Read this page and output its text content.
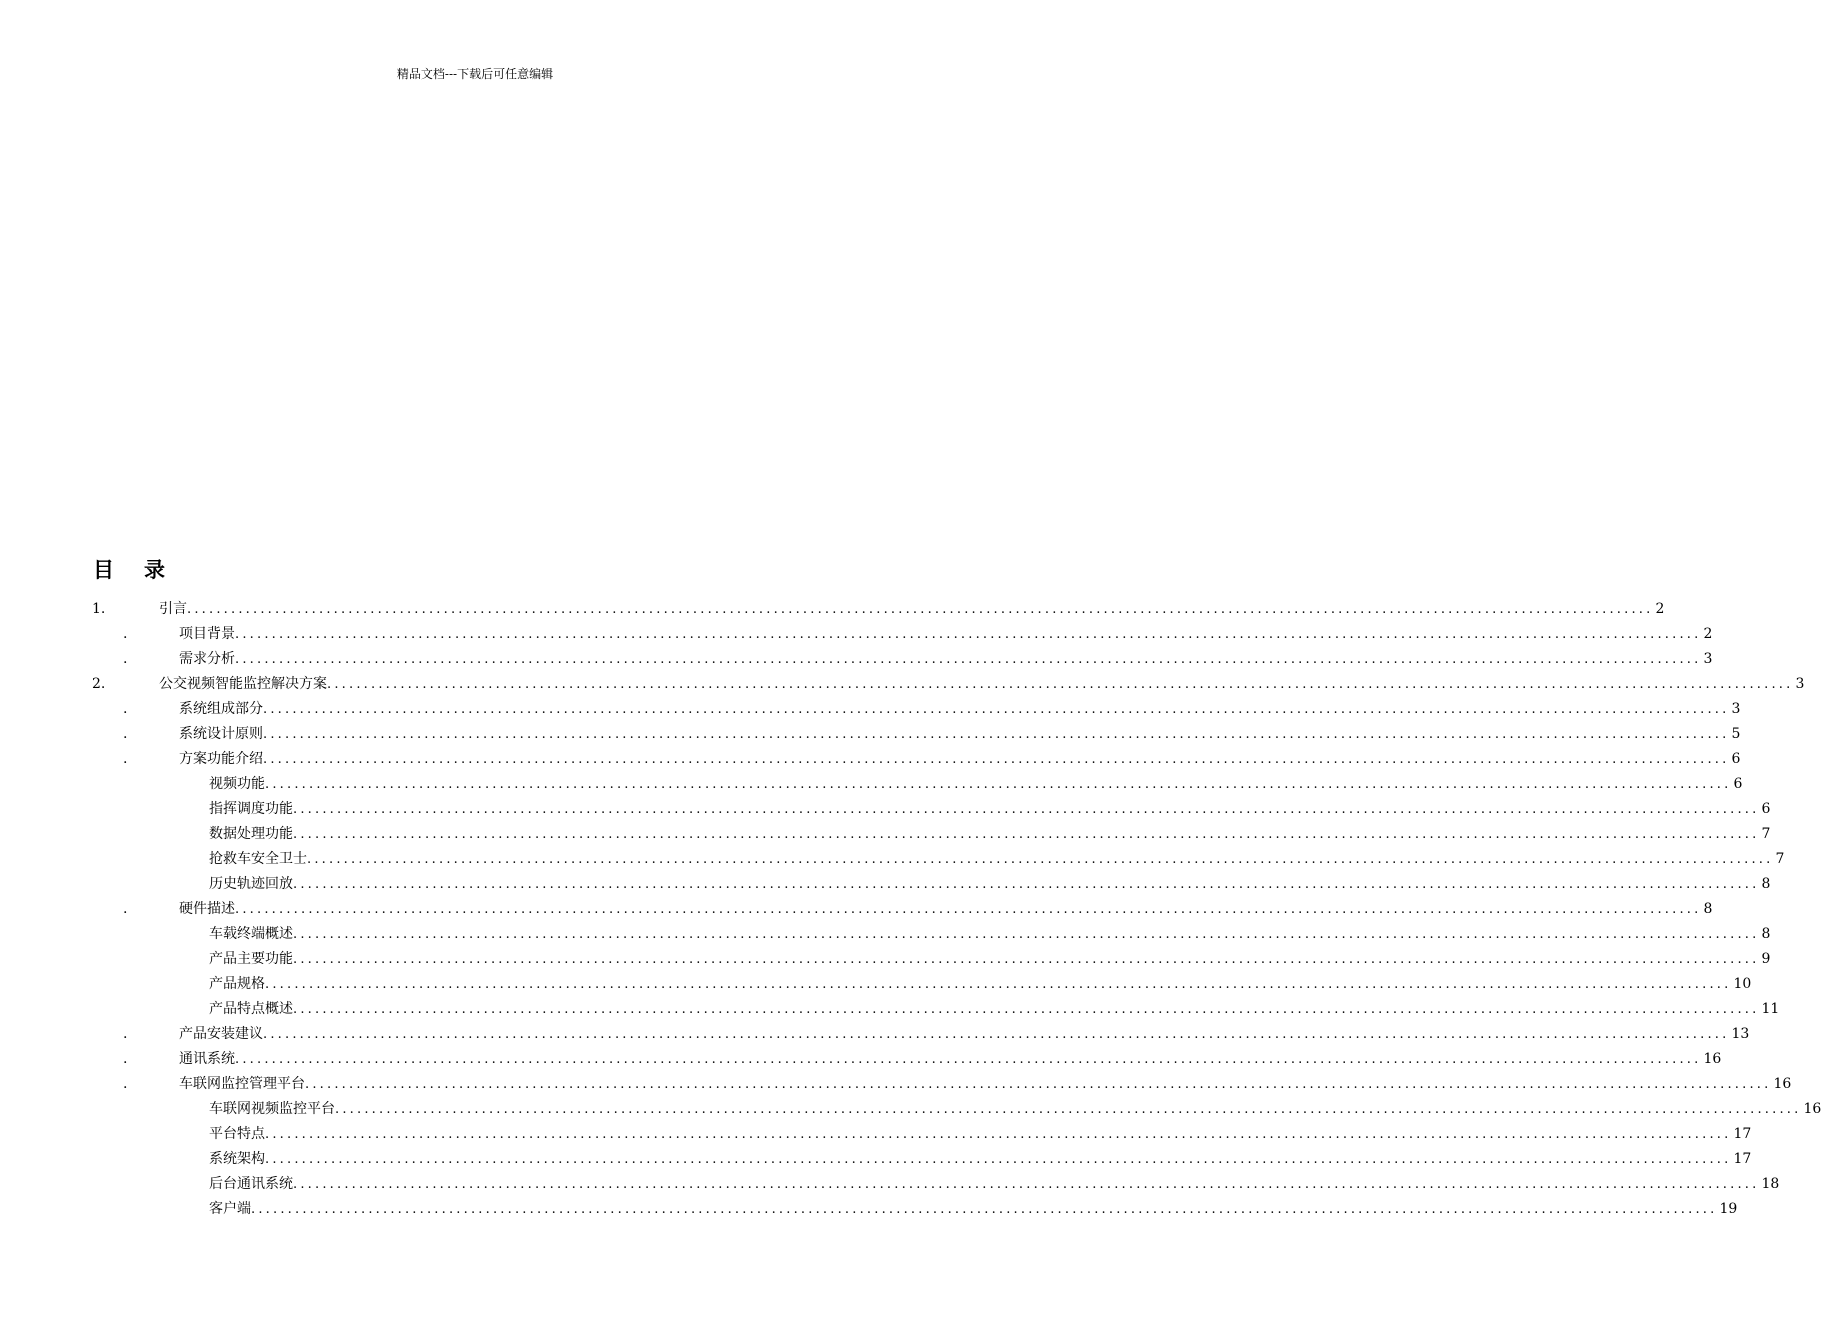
精品文档---下载后可任意编辑
目录
1.	引言 ........................................................................................................................................................................................................ 2
.	项目背景 ........................................................................................................................................................................................................ 2
.	需求分析 ........................................................................................................................................................................................................ 3
2.	公交视频智能监控解决方案 ........................................................................................................................................................................................................ 3
.	系统组成部分 ........................................................................................................................................................................................................ 3
.	系统设计原则 ........................................................................................................................................................................................................ 5
.	方案功能介绍 ........................................................................................................................................................................................................ 6
视频功能 ........................................................................................................................................................................................................ 6
指挥调度功能 ........................................................................................................................................................................................................ 6
数据处理功能 ........................................................................................................................................................................................................ 7
抢救车安全卫士 ........................................................................................................................................................................................................ 7
历史轨迹回放 ........................................................................................................................................................................................................ 8
.	硬件描述 ........................................................................................................................................................................................................ 8
车载终端概述 ........................................................................................................................................................................................................ 8
产品主要功能 ........................................................................................................................................................................................................ 9
产品规格 ........................................................................................................................................................................................................ 10
产品特点概述 ........................................................................................................................................................................................................ 11
.	产品安装建议 ........................................................................................................................................................................................................ 13
.	通讯系统 ........................................................................................................................................................................................................ 16
.	车联网监控管理平台 ........................................................................................................................................................................................................ 16
车联网视频监控平台 ........................................................................................................................................................................................................ 16
平台特点 ........................................................................................................................................................................................................ 17
系统架构 ........................................................................................................................................................................................................ 17
后台通讯系统 ........................................................................................................................................................................................................ 18
客户端 ........................................................................................................................................................................................................ 19
